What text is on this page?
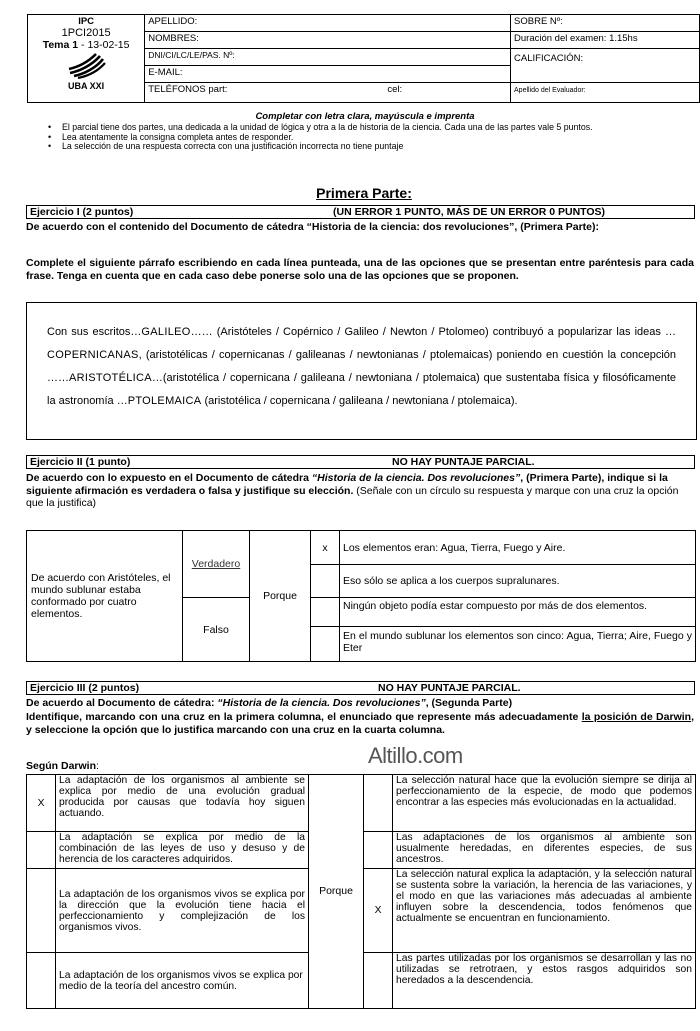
IPC
1PCI2015
Tema 1 - 13-02-15
UBA XXI	APELLIDO:	SOBRE Nº:
	NOMBRES:	Duración del examen: 1.15hs
	DNI/CI/LC/LE/PAS. Nº:	CALIFICACIÓN:
	E-MAIL:	
	TELÉFONOS part: cel:	Apellido del Evaluador:
Completar con letra clara, mayúscula e imprenta
• El parcial tiene dos partes, una dedicada a la unidad de lógica y otra a la de historia de la ciencia. Cada una de las partes vale 5 puntos.
• Lea atentamente la consigna completa antes de responder.
• La selección de una respuesta correcta con una justificación incorrecta no tiene puntaje
Primera Parte:
Ejercicio I (2 puntos)	(UN ERROR 1 PUNTO, MÁS DE UN ERROR 0 PUNTOS)
De acuerdo con el contenido del Documento de cátedra “Historia de la ciencia: dos revoluciones”, (Primera Parte):
Complete el siguiente párrafo escribiendo en cada línea punteada, una de las opciones que se presentan entre paréntesis para cada frase. Tenga en cuenta que en cada caso debe ponerse solo una de las opciones que se proponen.
Con sus escritos…GALILEO…… (Aristóteles / Copérnico / Galileo / Newton / Ptolomeo) contribuyó a popularizar las ideas …COPERNICANAS, (aristotélicas / copernicanas / galileanas / newtonianas / ptolemaicas) poniendo en cuestión la concepción ……ARISTOTÉLICA…(aristotélica / copernicana / galileana / newtoniana / ptolemaica) que sustentaba física y filosóficamente la astronomía …PTOLEMAICA (aristotélica / copernicana / galileana / newtoniana / ptolemaica).
Ejercicio II (1 punto)	NO HAY PUNTAJE PARCIAL.
De acuerdo con lo expuesto en el Documento de cátedra “Historia de la ciencia. Dos revoluciones”, (Primera Parte), indique si la siguiente afirmación es verdadera o falsa y justifique su elección. (Señale con un círculo su respuesta y marque con una cruz la opción que la justifica)
De acuerdo con Aristóteles, el mundo sublunar estaba conformado por cuatro elementos.	Verdadero	Porque	x	Los elementos eran: Agua, Tierra, Fuego y Aire.
				Eso sólo se aplica a los cuerpos supralunares.
	Falso			Ningún objeto podía estar compuesto por más de dos elementos.
				En el mundo sublunar los elementos son cinco: Agua, Tierra; Aire, Fuego y Eter
Ejercicio III (2 puntos)	NO HAY PUNTAJE PARCIAL.
De acuerdo al Documento de cátedra: “Historia de la ciencia. Dos revoluciones”, (Segunda Parte)
Identifique, marcando con una cruz en la primera columna, el enunciado que represente más adecuadamente la posición de Darwin, y seleccione la opción que lo justifica marcando con una cruz en la cuarta columna.
Altillo.com
Según Darwin:
X	La adaptación de los organismos al ambiente se explica por medio de una evolución gradual producida por causas que todavía hoy siguen actuando.	Porque		La selección natural hace que la evolución siempre se dirija al perfeccionamiento de la especie, de modo que podemos encontrar a las especies más evolucionadas en la actualidad.
	La adaptación se explica por medio de la combinación de las leyes de uso y desuso y de herencia de los caracteres adquiridos.			Las adaptaciones de los organismos al ambiente son usualmente heredadas, en diferentes especies, de sus ancestros.
	La adaptación de los organismos vivos se explica por la dirección que la evolución tiene hacia el perfeccionamiento y complejización de los organismos vivos.		X	La selección natural explica la adaptación, y la selección natural se sustenta sobre la variación, la herencia de las variaciones, y el modo en que las variaciones más adecuadas al ambiente influyen sobre la descendencia, todos fenómenos que actualmente se encuentran en funcionamiento.
	La adaptación de los organismos vivos se explica por medio de la teoría del ancestro común.			Las partes utilizadas por los organismos se desarrollan y las no utilizadas se retrotraen, y estos rasgos adquiridos son heredados a la descendencia.
